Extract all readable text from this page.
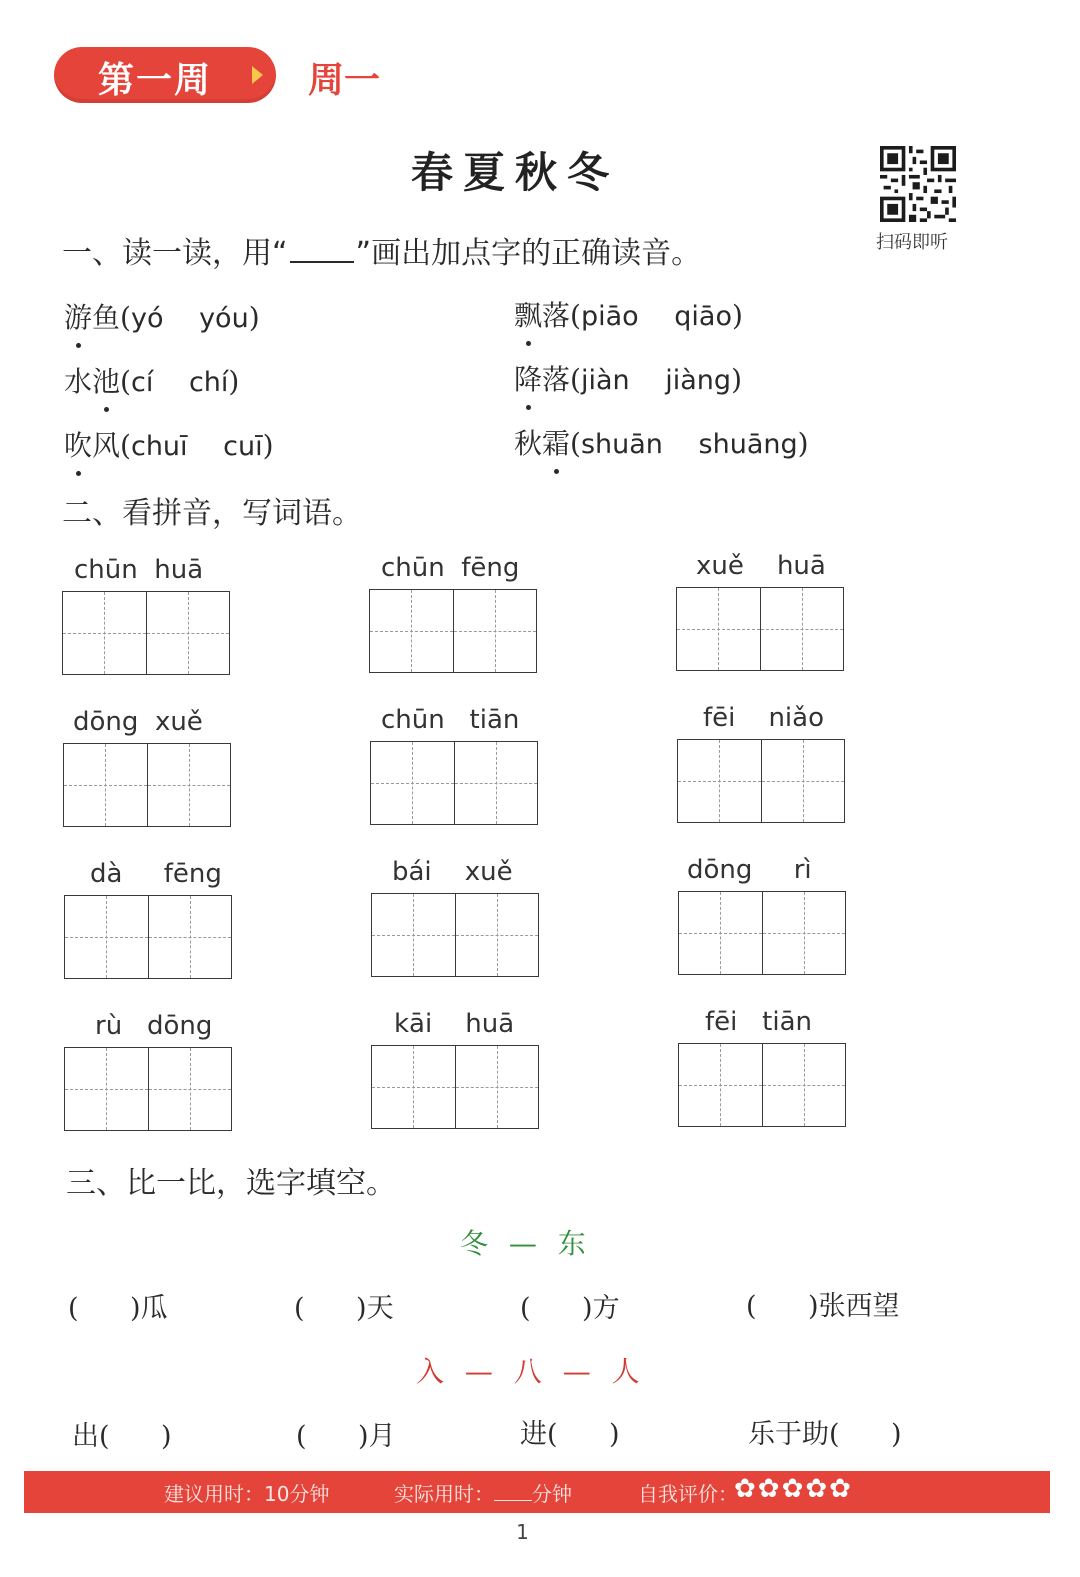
第一周	周一
春夏秋冬
扫码即听
一、读一读，用“ ”画出加点字的正确读音。
游鱼(yó yóu)	飘落(piāo qiāo)
水池(cí chí)	降落(jiàn jiàng)
吹风(chuī cuī)	秋霜(shuān shuāng)
二、看拼音，写词语。
chūn huā	chūn fēng	xuě huā
dōng xuě	chūn tiān	fēi niǎo
dà fēng	bái xuě	dōng rì
rù dōng	kāi huā	fēi tiān
三、比一比，选字填空。
冬 — 东
(      )瓜	(      )天	(      )方	(      )张西望
入 — 八 — 人
出(      )	(      )月	进(      )	乐于助(      )
建议用时：10分钟	实际用时： 分钟	自我评价：
✿✿✿✿✿
1
